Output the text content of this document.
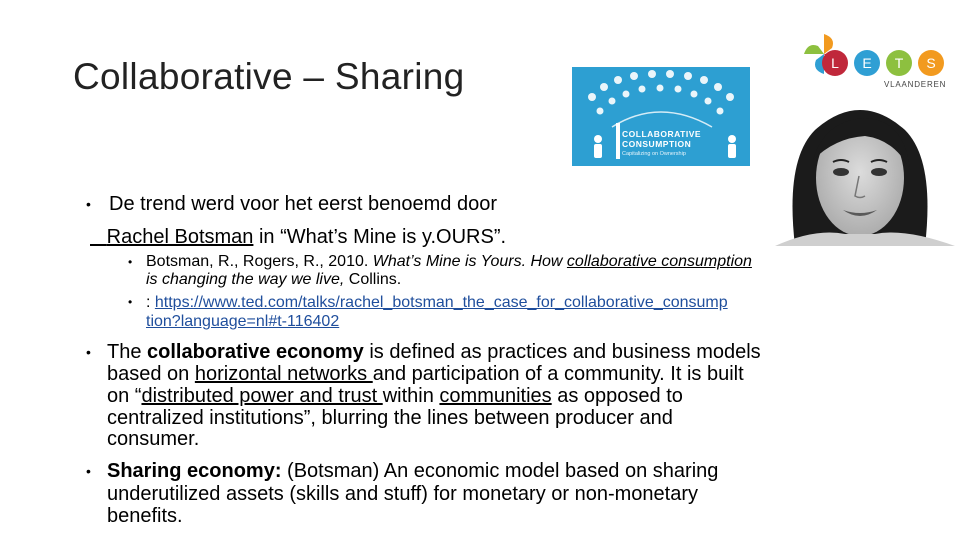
Collaborative – Sharing	L	E	T	S
VLAANDEREN
COLLABORATIVE
CONSUMPTION
Capitalizing on Ownership
• De trend werd voor het eerst benoemd door
Rachel Botsman in “What’s Mine is y.OURS”.
• Botsman, R., Rogers, R., 2010. What’s Mine is Yours. How collaborative consumption
is changing the way we live, Collins.
• : https://www.ted.com/talks/rachel_botsman_the_case_for_collaborative_consump
tion?language=nl#t-116402
• The collaborative economy is defined as practices and business models
based on horizontal networks and participation of a community. It is built
on “distributed power and trust within communities as opposed to
centralized institutions”, blurring the lines between producer and
consumer.
• Sharing economy: (Botsman) An economic model based on sharing
underutilized assets (skills and stuff) for monetary or non-monetary
benefits.
